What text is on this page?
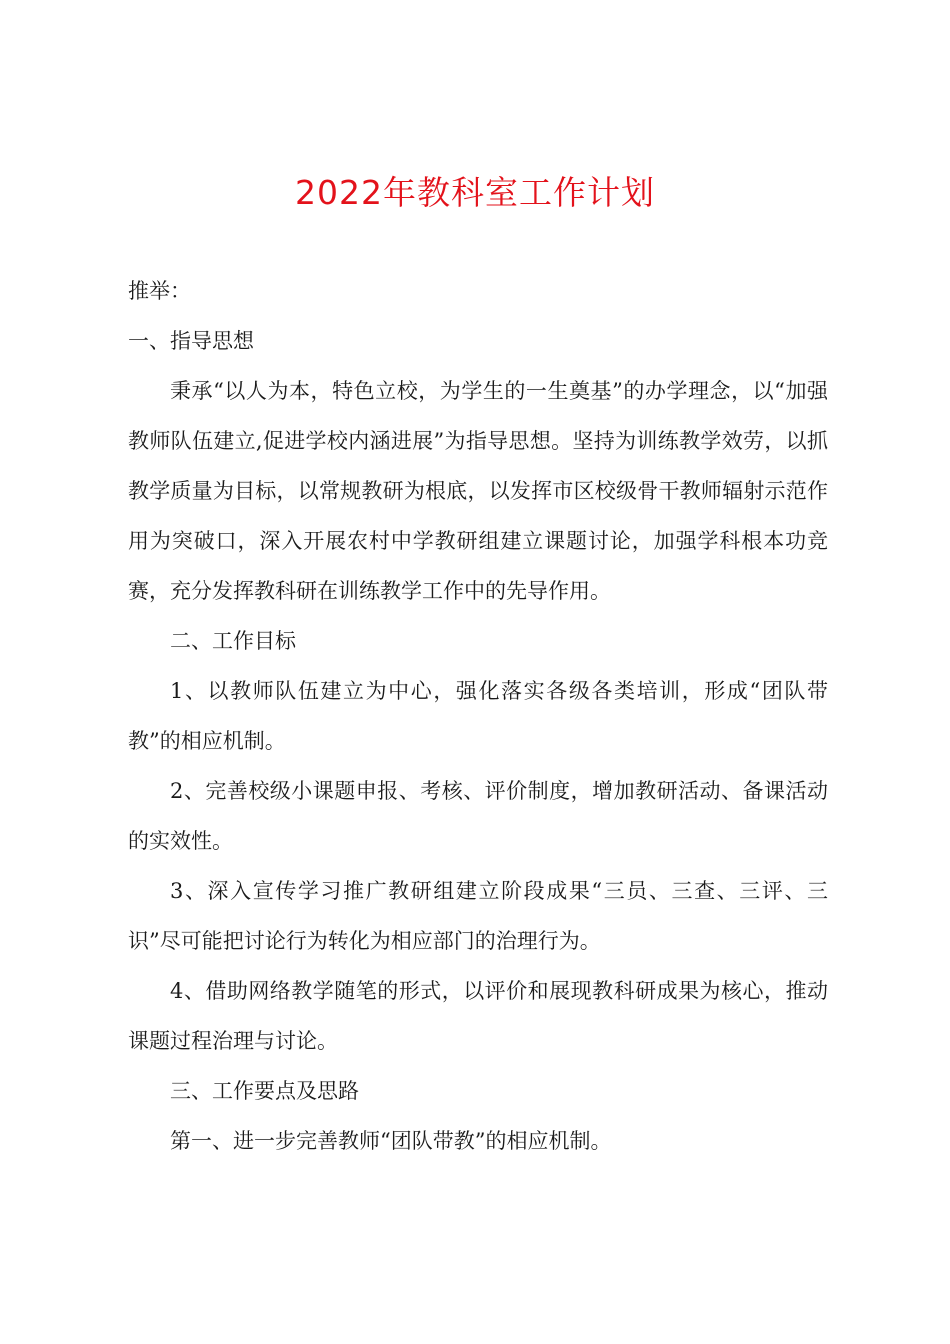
2022年教科室工作计划

推举：

一、指导思想

秉承“以人为本，特色立校，为学生的一生奠基”的办学理念，以“加强教师队伍建立,促进学校内涵进展”为指导思想。坚持为训练教学效劳，以抓教学质量为目标，以常规教研为根底，以发挥市区校级骨干教师辐射示范作用为突破口，深入开展农村中学教研组建立课题讨论，加强学科根本功竞赛，充分发挥教科研在训练教学工作中的先导作用。

二、工作目标

1、以教师队伍建立为中心，强化落实各级各类培训，形成“团队带教”的相应机制。

2、完善校级小课题申报、考核、评价制度，增加教研活动、备课活动的实效性。

3、深入宣传学习推广教研组建立阶段成果“三员、三查、三评、三识”尽可能把讨论行为转化为相应部门的治理行为。

4、借助网络教学随笔的形式，以评价和展现教科研成果为核心，推动课题过程治理与讨论。

三、工作要点及思路

第一、进一步完善教师“团队带教”的相应机制。
